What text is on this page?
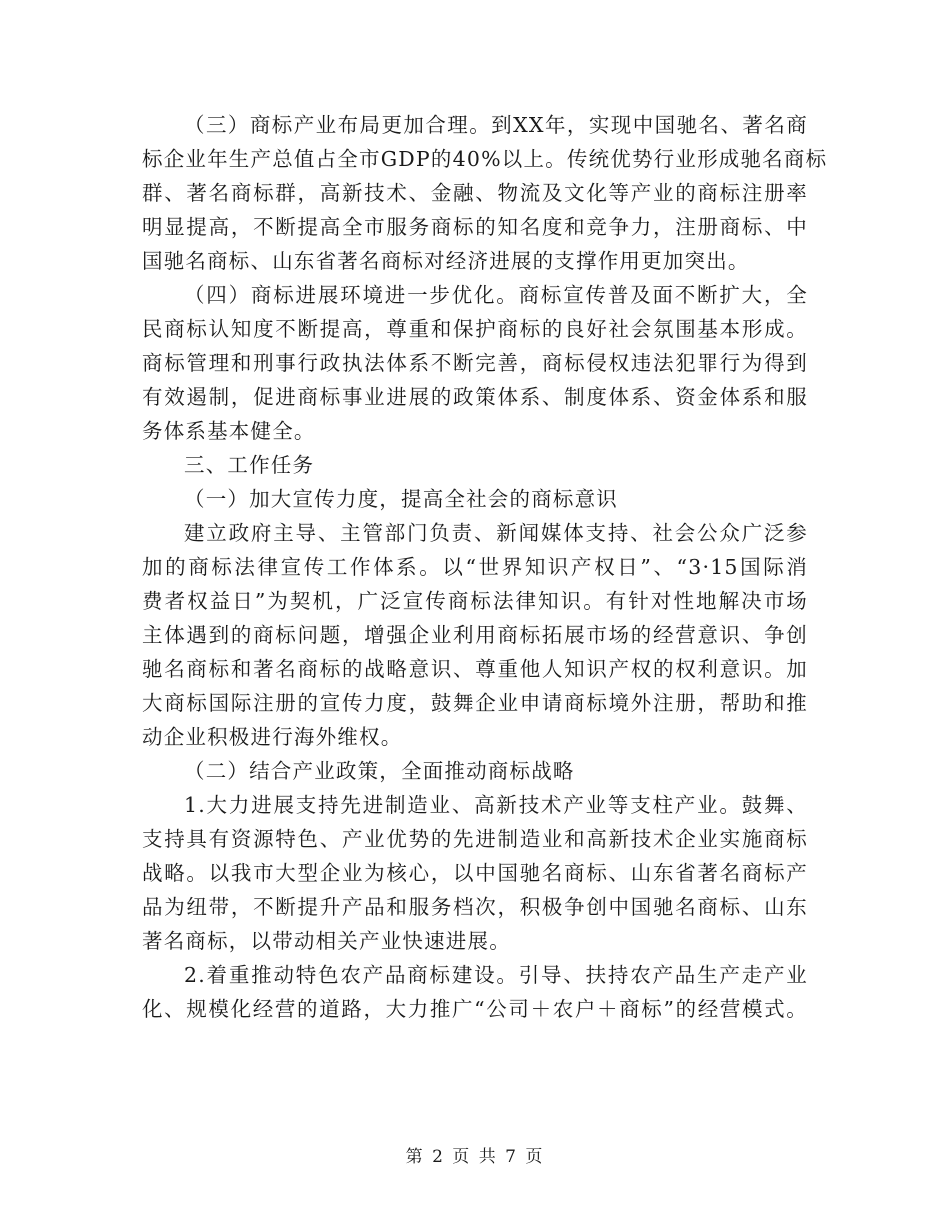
（三）商标产业布局更加合理。到XX年，实现中国驰名、著名商
标企业年生产总值占全市GDP的40%以上。传统优势行业形成驰名商标
群、著名商标群，高新技术、金融、物流及文化等产业的商标注册率
明显提高，不断提高全市服务商标的知名度和竞争力，注册商标、中
国驰名商标、山东省著名商标对经济进展的支撑作用更加突出。
（四）商标进展环境进一步优化。商标宣传普及面不断扩大，全
民商标认知度不断提高，尊重和保护商标的良好社会氛围基本形成。
商标管理和刑事行政执法体系不断完善，商标侵权违法犯罪行为得到
有效遏制，促进商标事业进展的政策体系、制度体系、资金体系和服
务体系基本健全。
三、工作任务
（一）加大宣传力度，提高全社会的商标意识
建立政府主导、主管部门负责、新闻媒体支持、社会公众广泛参
加的商标法律宣传工作体系。以“世界知识产权日”、“3·15国际消
费者权益日”为契机，广泛宣传商标法律知识。有针对性地解决市场
主体遇到的商标问题，增强企业利用商标拓展市场的经营意识、争创
驰名商标和著名商标的战略意识、尊重他人知识产权的权利意识。加
大商标国际注册的宣传力度，鼓舞企业申请商标境外注册，帮助和推
动企业积极进行海外维权。
（二）结合产业政策，全面推动商标战略
1.大力进展支持先进制造业、高新技术产业等支柱产业。鼓舞、
支持具有资源特色、产业优势的先进制造业和高新技术企业实施商标
战略。以我市大型企业为核心，以中国驰名商标、山东省著名商标产
品为纽带，不断提升产品和服务档次，积极争创中国驰名商标、山东
著名商标，以带动相关产业快速进展。
2.着重推动特色农产品商标建设。引导、扶持农产品生产走产业
化、规模化经营的道路，大力推广“公司＋农户＋商标”的经营模式。
第 2 页 共 7 页
